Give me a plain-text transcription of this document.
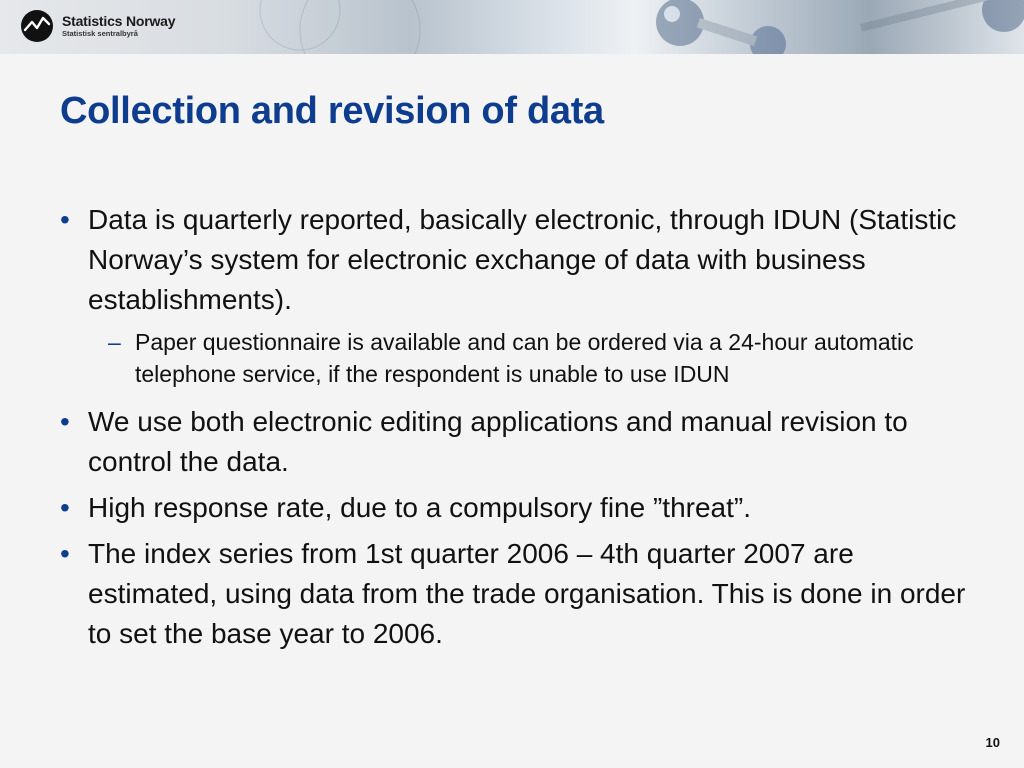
Statistics Norway
Statistisk sentralbyrå
Collection and revision of data
• Data is quarterly reported, basically electronic, through IDUN (Statistic Norway’s system for electronic exchange of data with business establishments).
– Paper questionnaire is available and can be ordered via a 24-hour automatic telephone service, if the respondent is unable to use IDUN
• We use both electronic editing applications and manual revision to control the data.
• High response rate, due to a compulsory fine ”threat”.
• The index series from 1st quarter 2006 – 4th quarter 2007 are estimated, using data from the trade organisation. This is done in order to set the base year to 2006.
10
